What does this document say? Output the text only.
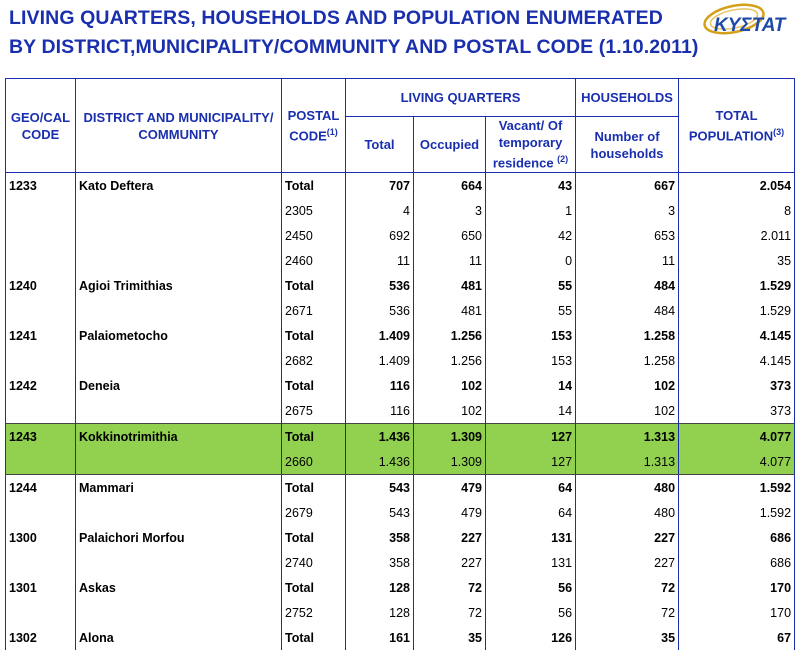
LIVING QUARTERS, HOUSEHOLDS AND POPULATION ENUMERATED
BY DISTRICT,MUNICIPALITY/COMMUNITY AND POSTAL CODE (1.10.2011)
ΚΥΣΤΑΤ
GEO/CAL CODE	DISTRICT AND MUNICIPALITY/ COMMUNITY	POSTAL CODE$^{(1)}$	LIVING QUARTERS			HOUSEHOLDS	TOTAL POPULATION$^{(3)}$
			Total	Occupied	Vacant/ Of temporary residence $^{(2)}$	Number of households	
1233	Kato Deftera	Total	707	664	43	667	2.054
		2305	4	3	1	3	8
		2450	692	650	42	653	2.011
		2460	11	11	0	11	35
1240	Agioi Trimithias	Total	536	481	55	484	1.529
		2671	536	481	55	484	1.529
1241	Palaiometocho	Total	1.409	1.256	153	1.258	4.145
		2682	1.409	1.256	153	1.258	4.145
1242	Deneia	Total	116	102	14	102	373
		2675	116	102	14	102	373
1243	Kokkinotrimithia	Total	1.436	1.309	127	1.313	4.077
		2660	1.436	1.309	127	1.313	4.077
1244	Mammari	Total	543	479	64	480	1.592
		2679	543	479	64	480	1.592
1300	Palaichori Morfou	Total	358	227	131	227	686
		2740	358	227	131	227	686
1301	Askas	Total	128	72	56	72	170
		2752	128	72	56	72	170
1302	Alona	Total	161	35	126	35	67
